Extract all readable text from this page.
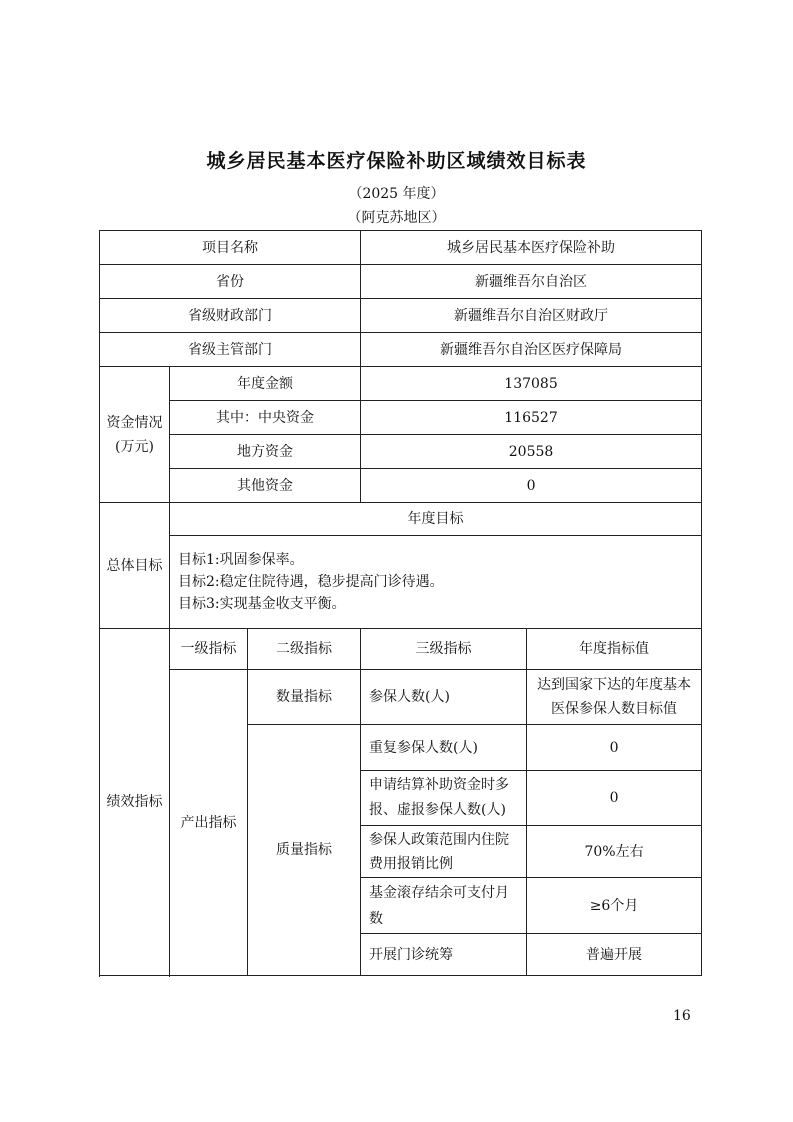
城乡居民基本医疗保险补助区域绩效目标表
（2025 年度）
（阿克苏地区）
项目名称			城乡居民基本医疗保险补助	
省份			新疆维吾尔自治区	
省级财政部门			新疆维吾尔自治区财政厅	
省级主管部门			新疆维吾尔自治区医疗保障局	
资金情况(万元)	年度金额		137085	
	其中：中央资金		116527	
	地方资金		20558	
	其他资金		0	
总体目标	年度目标			

	目标1:巩固参保率。
目标2:稳定住院待遇，稳步提高门诊待遇。
目标3:实现基金收支平衡。			

绩效指标	一级指标	二级指标	三级指标	年度指标值
	产出指标	数量指标	参保人数(人)	达到国家下达的年度基本医保参保人数目标值
		质量指标	重复参保人数(人)	0
			申请结算补助资金时多报、虚报参保人数(人)	0
			参保人政策范围内住院费用报销比例	70%左右
			基金滚存结余可支付月数	≥6个月
			开展门诊统筹	普遍开展

16
